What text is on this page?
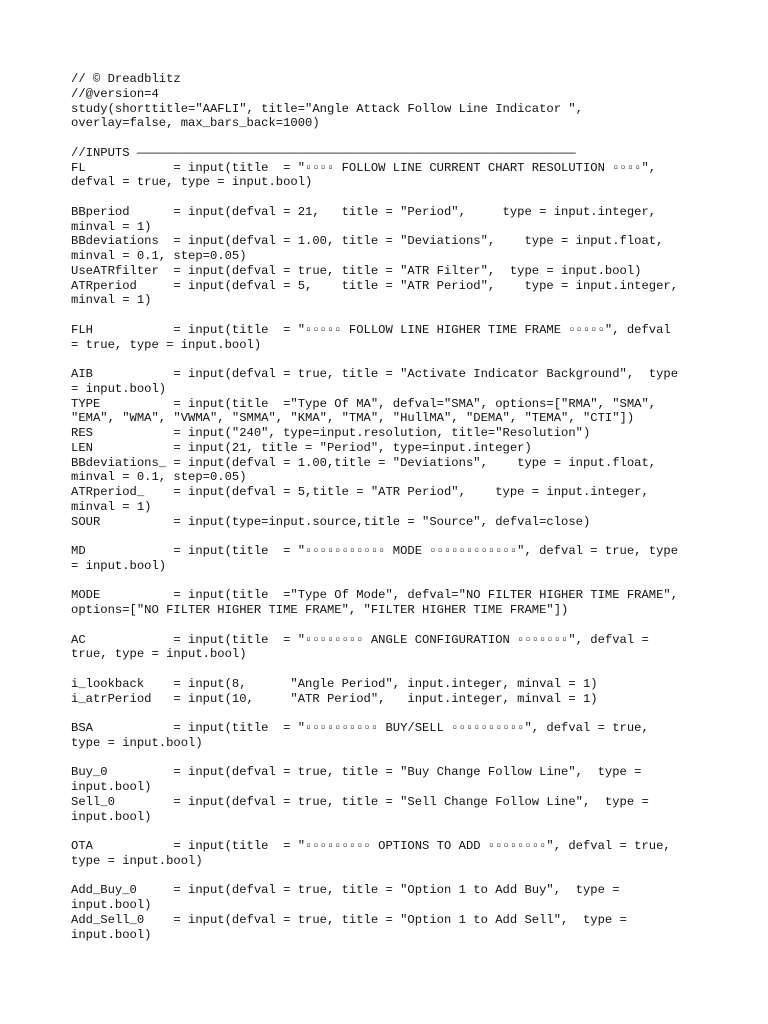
// © Dreadblitz
//@version=4
study(shorttitle="AAFLI", title="Angle Attack Follow Line Indicator ",
overlay=false, max_bars_back=1000)
//INPUTS ————————————————————————————————————————————————————————————
FL            = input(title  = "▫▫▫▫ FOLLOW LINE CURRENT CHART RESOLUTION ▫▫▫▫",
defval = true, type = input.bool)
BBperiod      = input(defval = 21,   title = "Period",     type = input.integer,
minval = 1)
BBdeviations  = input(defval = 1.00, title = "Deviations",    type = input.float,
minval = 0.1, step=0.05)
UseATRfilter  = input(defval = true, title = "ATR Filter",  type = input.bool)
ATRperiod     = input(defval = 5,    title = "ATR Period",    type = input.integer,
minval = 1)
FLH           = input(title  = "▫▫▫▫▫ FOLLOW LINE HIGHER TIME FRAME ▫▫▫▫▫", defval
= true, type = input.bool)
AIB           = input(defval = true, title = "Activate Indicator Background",  type
= input.bool)
TYPE          = input(title  ="Type Of MA", defval="SMA", options=["RMA", "SMA",
"EMA", "WMA", "VWMA", "SMMA", "KMA", "TMA", "HullMA", "DEMA", "TEMA", "CTI"])
RES           = input("240", type=input.resolution, title="Resolution")
LEN           = input(21, title = "Period", type=input.integer)
BBdeviations_ = input(defval = 1.00,title = "Deviations",    type = input.float,
minval = 0.1, step=0.05)
ATRperiod_    = input(defval = 5,title = "ATR Period",    type = input.integer,
minval = 1)
SOUR          = input(type=input.source,title = "Source", defval=close)
MD            = input(title  = "▫▫▫▫▫▫▫▫▫▫▫ MODE ▫▫▫▫▫▫▫▫▫▫▫▫", defval = true, type
= input.bool)
MODE          = input(title  ="Type Of Mode", defval="NO FILTER HIGHER TIME FRAME",
options=["NO FILTER HIGHER TIME FRAME", "FILTER HIGHER TIME FRAME"])
AC            = input(title  = "▫▫▫▫▫▫▫▫ ANGLE CONFIGURATION ▫▫▫▫▫▫▫", defval =
true, type = input.bool)
i_lookback    = input(8,      "Angle Period", input.integer, minval = 1)
i_atrPeriod   = input(10,     "ATR Period",   input.integer, minval = 1)
BSA           = input(title  = "▫▫▫▫▫▫▫▫▫▫ BUY/SELL ▫▫▫▫▫▫▫▫▫▫", defval = true,
type = input.bool)
Buy_0         = input(defval = true, title = "Buy Change Follow Line",  type =
input.bool)
Sell_0        = input(defval = true, title = "Sell Change Follow Line",  type =
input.bool)
OTA           = input(title  = "▫▫▫▫▫▫▫▫▫ OPTIONS TO ADD ▫▫▫▫▫▫▫▫", defval = true,
type = input.bool)
Add_Buy_0     = input(defval = true, title = "Option 1 to Add Buy",  type =
input.bool)
Add_Sell_0    = input(defval = true, title = "Option 1 to Add Sell",  type =
input.bool)
